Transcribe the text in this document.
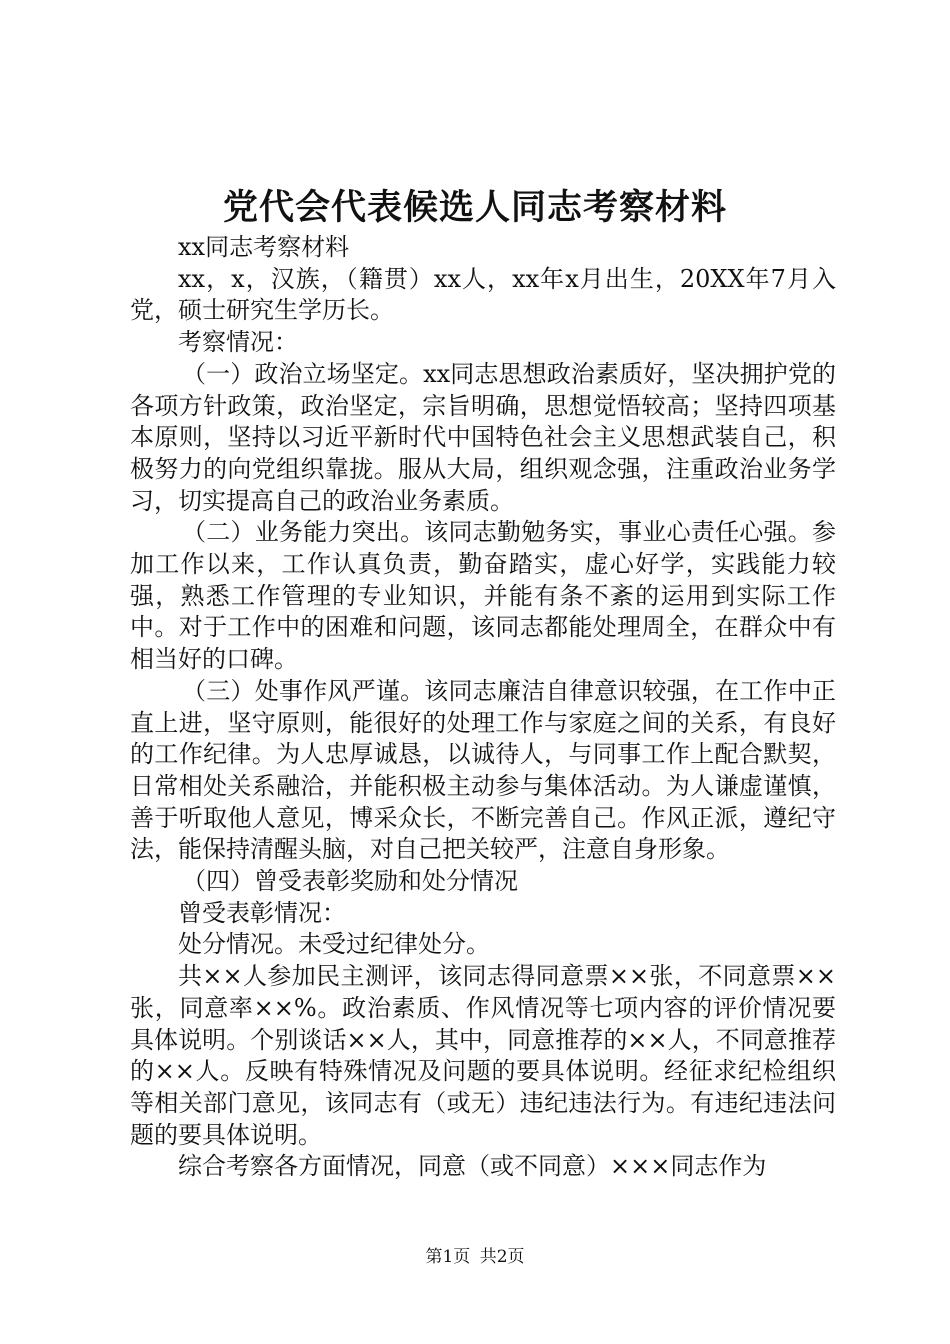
党代会代表候选人同志考察材料

xx同志考察材料

xx，x，汉族，（籍贯）xx人，xx年x月出生，20XX年7月入党，硕士研究生学历长。

考察情况：

（一）政治立场坚定。xx同志思想政治素质好，坚决拥护党的各项方针政策，政治坚定，宗旨明确，思想觉悟较高；坚持四项基本原则，坚持以习近平新时代中国特色社会主义思想武装自己，积极努力的向党组织靠拢。服从大局，组织观念强，注重政治业务学习，切实提高自己的政治业务素质。

（二）业务能力突出。该同志勤勉务实，事业心责任心强。参加工作以来，工作认真负责，勤奋踏实，虚心好学，实践能力较强，熟悉工作管理的专业知识，并能有条不紊的运用到实际工作中。对于工作中的困难和问题，该同志都能处理周全，在群众中有相当好的口碑。

（三）处事作风严谨。该同志廉洁自律意识较强，在工作中正直上进，坚守原则，能很好的处理工作与家庭之间的关系，有良好的工作纪律。为人忠厚诚恳，以诚待人，与同事工作上配合默契，日常相处关系融洽，并能积极主动参与集体活动。为人谦虚谨慎，善于听取他人意见，博采众长，不断完善自己。作风正派，遵纪守法，能保持清醒头脑，对自己把关较严，注意自身形象。

（四）曾受表彰奖励和处分情况

曾受表彰情况：

处分情况。未受过纪律处分。

共××人参加民主测评，该同志得同意票××张，不同意票××张，同意率××%。政治素质、作风情况等七项内容的评价情况要具体说明。个别谈话××人，其中，同意推荐的××人，不同意推荐的××人。反映有特殊情况及问题的要具体说明。经征求纪检组织等相关部门意见，该同志有（或无）违纪违法行为。有违纪违法问题的要具体说明。

综合考察各方面情况，同意（或不同意）×××同志作为

第1页 共2页
